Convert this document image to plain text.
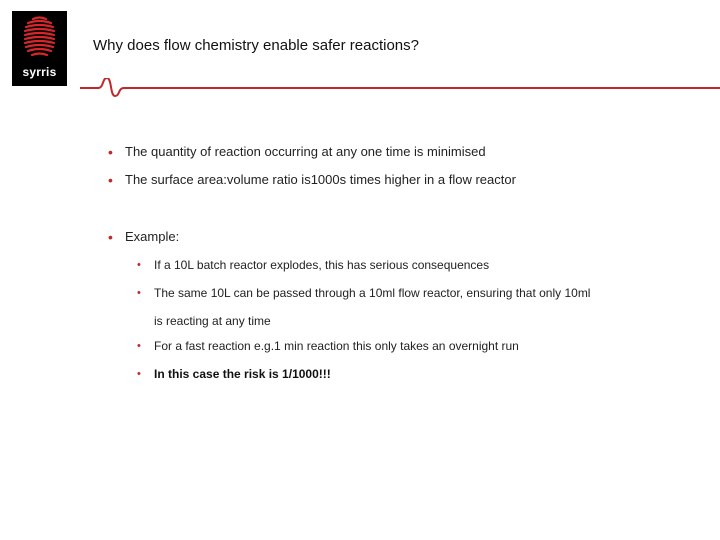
syrris
Why does flow chemistry enable safer reactions?
• The quantity of reaction occurring at any one time is minimised
• The surface area:volume ratio is1000s times higher in a flow reactor
• Example:
• If a 10L batch reactor explodes, this has serious consequences
• The same 10L can be passed through a 10ml flow reactor, ensuring that only 10ml
is reacting at any time
• For a fast reaction e.g.1 min reaction this only takes an overnight run
• In this case the risk is 1/1000!!!
